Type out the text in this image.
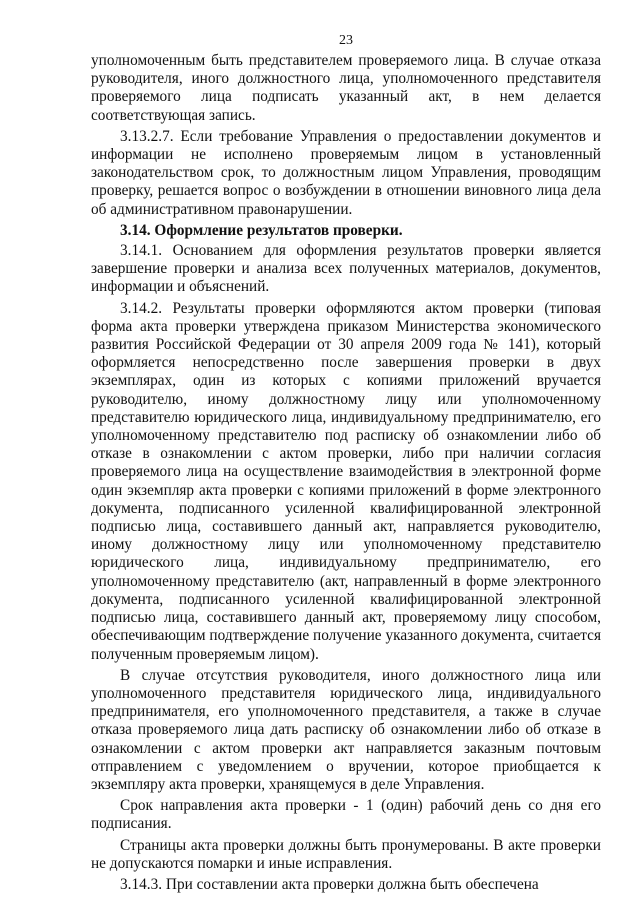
23

уполномоченным быть представителем проверяемого лица. В случае отказа руководителя, иного должностного лица, уполномоченного представителя проверяемого лица подписать указанный акт, в нем делается соответствующая запись.

3.13.2.7. Если требование Управления о предоставлении документов и информации не исполнено проверяемым лицом в установленный законодательством срок, то должностным лицом Управления, проводящим проверку, решается вопрос о возбуждении в отношении виновного лица дела об административном правонарушении.

3.14. Оформление результатов проверки.

3.14.1. Основанием для оформления результатов проверки является завершение проверки и анализа всех полученных материалов, документов, информации и объяснений.

3.14.2. Результаты проверки оформляются актом проверки (типовая форма акта проверки утверждена приказом Министерства экономического развития Российской Федерации от 30 апреля 2009 года № 141), который оформляется непосредственно после завершения проверки в двух экземплярах, один из которых с копиями приложений вручается руководителю, иному должностному лицу или уполномоченному представителю юридического лица, индивидуальному предпринимателю, его уполномоченному представителю под расписку об ознакомлении либо об отказе в ознакомлении с актом проверки, либо при наличии согласия проверяемого лица на осуществление взаимодействия в электронной форме один экземпляр акта проверки с копиями приложений в форме электронного документа, подписанного усиленной квалифицированной электронной подписью лица, составившего данный акт, направляется руководителю, иному должностному лицу или уполномоченному представителю юридического лица, индивидуальному предпринимателю, его уполномоченному представителю (акт, направленный в форме электронного документа, подписанного усиленной квалифицированной электронной подписью лица, составившего данный акт, проверяемому лицу способом, обеспечивающим подтверждение получение указанного документа, считается полученным проверяемым лицом).

В случае отсутствия руководителя, иного должностного лица или уполномоченного представителя юридического лица, индивидуального предпринимателя, его уполномоченного представителя, а также в случае отказа проверяемого лица дать расписку об ознакомлении либо об отказе в ознакомлении с актом проверки акт направляется заказным почтовым отправлением с уведомлением о вручении, которое приобщается к экземпляру акта проверки, хранящемуся в деле Управления.

Срок направления акта проверки - 1 (один) рабочий день со дня его подписания.

Страницы акта проверки должны быть пронумерованы. В акте проверки не допускаются помарки и иные исправления.

3.14.3. При составлении акта проверки должна быть обеспечена
